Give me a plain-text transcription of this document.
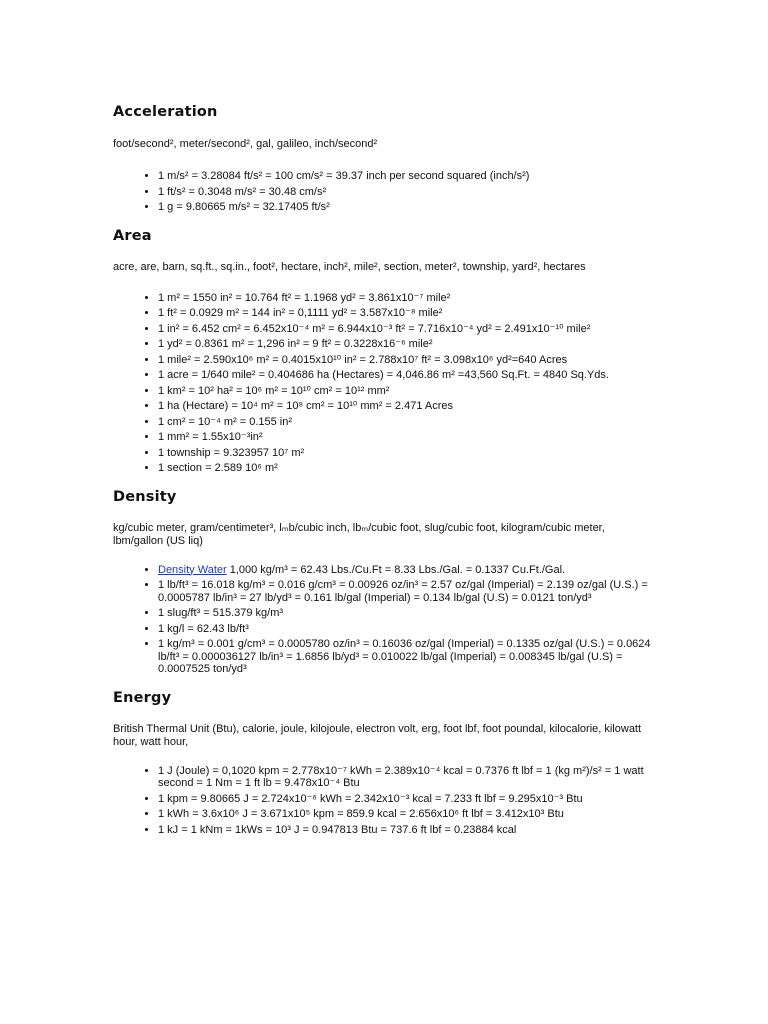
Acceleration

foot/second², meter/second², gal, galileo, inch/second²

• 1 m/s² = 3.28084 ft/s² = 100 cm/s² = 39.37 inch per second squared (inch/s²)
• 1 ft/s² = 0.3048 m/s² = 30.48 cm/s²
• 1 g = 9.80665 m/s² = 32.17405 ft/s²
Area

acre, are, barn, sq.ft., sq.in., foot², hectare, inch², mile², section, meter², township, yard², hectares

• 1 m² = 1550 in² = 10.764 ft² = 1.1968 yd² = 3.861x10⁻⁷ mile²
• 1 ft² = 0.0929 m² = 144 in² = 0,1111 yd² = 3.587x10⁻⁸ mile²
• 1 in² = 6.452 cm² = 6.452x10⁻⁴ m² = 6.944x10⁻³ ft² = 7.716x10⁻⁴ yd² = 2.491x10⁻¹⁰ mile²
• 1 yd² = 0.8361 m² = 1,296 in² = 9 ft² = 0.3228x16⁻⁶ mile²
• 1 mile² = 2.590x10⁶ m² = 0.4015x10¹⁰ in² = 2.788x10⁷ ft² = 3.098x10⁶ yd²=640 Acres
• 1 acre = 1/640 mile² = 0.404686 ha (Hectares) = 4,046.86 m² =43,560 Sq.Ft. = 4840 Sq.Yds.
• 1 km² = 10² ha² = 10⁶ m² = 10¹⁰ cm² = 10¹² mm²
• 1 ha (Hectare) = 10⁴ m² = 10⁸ cm² = 10¹⁰ mm² = 2.471 Acres
• 1 cm² = 10⁻⁴ m² = 0.155 in²
• 1 mm² = 1.55x10⁻³in²
• 1 township = 9.323957 10⁷ m²
• 1 section = 2.589 10⁶ m²
Density

kg/cubic meter, gram/centimeter³, lₘb/cubic inch, lbₘ/cubic foot, slug/cubic foot, kilogram/cubic meter, lbm/gallon (US liq)

• Density Water 1,000 kg/m³ = 62.43 Lbs./Cu.Ft = 8.33 Lbs./Gal. = 0.1337 Cu.Ft./Gal.
• 1 lb/ft³ = 16.018 kg/m³ = 0.016 g/cm³ = 0.00926 oz/in³ = 2.57 oz/gal (Imperial) = 2.139 oz/gal (U.S.) = 0.0005787 lb/in³ = 27 lb/yd³ = 0.161 lb/gal (Imperial) = 0.134 lb/gal (U.S) = 0.0121 ton/yd³
• 1 slug/ft³ = 515.379 kg/m³
• 1 kg/l = 62.43 lb/ft³
• 1 kg/m³ = 0.001 g/cm³ = 0.0005780 oz/in³ = 0.16036 oz/gal (Imperial) = 0.1335 oz/gal (U.S.) = 0.0624 lb/ft³ = 0.000036127 lb/in³ = 1.6856 lb/yd³ = 0.010022 lb/gal (Imperial) = 0.008345 lb/gal (U.S) = 0.0007525 ton/yd³
Energy

British Thermal Unit (Btu), calorie, joule, kilojoule, electron volt, erg, foot lbf, foot poundal, kilocalorie, kilowatt hour, watt hour,

• 1 J (Joule) = 0,1020 kpm = 2.778x10⁻⁷ kWh = 2.389x10⁻⁴ kcal = 0.7376 ft lbf = 1 (kg m²)/s² = 1 watt second = 1 Nm = 1 ft lb = 9.478x10⁻⁴ Btu
• 1 kpm = 9.80665 J = 2.724x10⁻⁶ kWh = 2.342x10⁻³ kcal = 7.233 ft lbf = 9.295x10⁻³ Btu
• 1 kWh = 3.6x10⁶ J = 3.671x10⁵ kpm = 859.9 kcal = 2.656x10⁶ ft lbf = 3.412x10³ Btu
• 1 kJ = 1 kNm = 1kWs = 10³ J = 0.947813 Btu = 737.6 ft lbf = 0.23884 kcal
